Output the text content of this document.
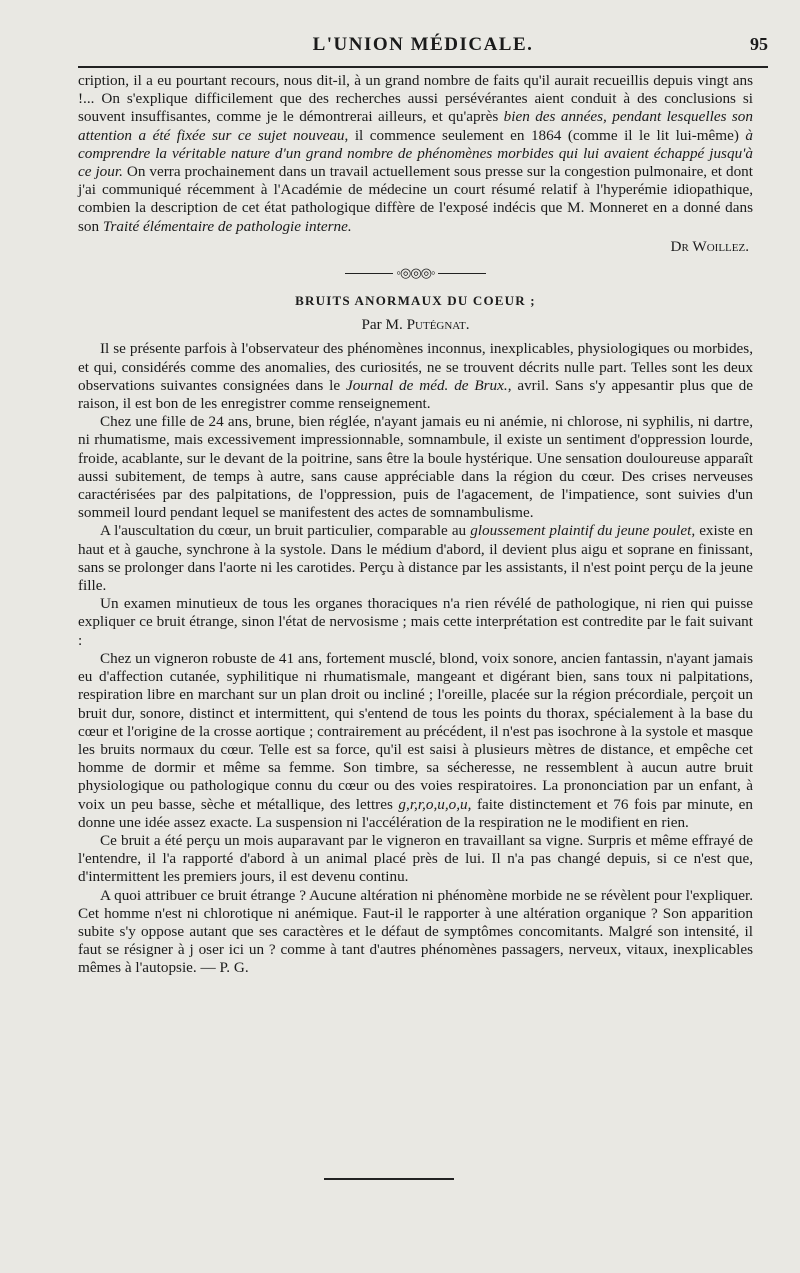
L'UNION MÉDICALE.	95

cription, il a eu pourtant recours, nous dit-il, à un grand nombre de faits qu'il aurait recueillis depuis vingt ans !... On s'explique difficilement que des recherches aussi persévérantes aient conduit à des conclusions si souvent insuffisantes, comme je le démontrerai ailleurs, et qu'après bien des années, pendant lesquelles son attention a été fixée sur ce sujet nouveau, il commence seulement en 1864 (comme il le lit lui-même) à comprendre la véritable nature d'un grand nombre de phénomènes morbides qui lui avaient échappé jusqu'à ce jour. On verra prochainement dans un travail actuellement sous presse sur la congestion pulmonaire, et dont j'ai communiqué récemment à l'Académie de médecine un court résumé relatif à l'hyperémie idiopathique, combien la description de cet état pathologique diffère de l'exposé indécis que M. Monneret en a donné dans son Traité élémentaire de pathologie interne.

Dr Woillez.
◦◎◎◎◦
BRUITS ANORMAUX DU COEUR ;
Par M. Putégnat.

Il se présente parfois à l'observateur des phénomènes inconnus, inexplicables, physiologiques ou morbides, et qui, considérés comme des anomalies, des curiosités, ne se trouvent décrits nulle part. Telles sont les deux observations suivantes consignées dans le Journal de méd. de Brux., avril. Sans s'y appesantir plus que de raison, il est bon de les enregistrer comme renseignement.

Chez une fille de 24 ans, brune, bien réglée, n'ayant jamais eu ni anémie, ni chlorose, ni syphilis, ni dartre, ni rhumatisme, mais excessivement impressionnable, somnambule, il existe un sentiment d'oppression lourde, froide, acablante, sur le devant de la poitrine, sans être la boule hystérique. Une sensation douloureuse apparaît aussi subitement, de temps à autre, sans cause appréciable dans la région du cœur. Des crises nerveuses caractérisées par des palpitations, de l'oppression, puis de l'agacement, de l'impatience, sont suivies d'un sommeil lourd pendant lequel se manifestent des actes de somnambulisme.

A l'auscultation du cœur, un bruit particulier, comparable au gloussement plaintif du jeune poulet, existe en haut et à gauche, synchrone à la systole. Dans le médium d'abord, il devient plus aigu et soprane en finissant, sans se prolonger dans l'aorte ni les carotides. Perçu à distance par les assistants, il n'est point perçu de la jeune fille.

Un examen minutieux de tous les organes thoraciques n'a rien révélé de pathologique, ni rien qui puisse expliquer ce bruit étrange, sinon l'état de nervosisme ; mais cette interprétation est contredite par le fait suivant :

Chez un vigneron robuste de 41 ans, fortement musclé, blond, voix sonore, ancien fantassin, n'ayant jamais eu d'affection cutanée, syphilitique ni rhumatismale, mangeant et digérant bien, sans toux ni palpitations, respiration libre en marchant sur un plan droit ou incliné ; l'oreille, placée sur la région précordiale, perçoit un bruit dur, sonore, distinct et intermittent, qui s'entend de tous les points du thorax, spécialement à la base du cœur et l'origine de la crosse aortique ; contrairement au précédent, il n'est pas isochrone à la systole et masque les bruits normaux du cœur. Telle est sa force, qu'il est saisi à plusieurs mètres de distance, et empêche cet homme de dormir et même sa femme. Son timbre, sa sécheresse, ne ressemblent à aucun autre bruit physiologique ou pathologique connu du cœur ou des voies respiratoires. La prononciation par un enfant, à voix un peu basse, sèche et métallique, des lettres g,r,r,o,u,o,u, faite distinctement et 76 fois par minute, en donne une idée assez exacte. La suspension ni l'accélération de la respiration ne le modifient en rien.

Ce bruit a été perçu un mois auparavant par le vigneron en travaillant sa vigne. Surpris et même effrayé de l'entendre, il l'a rapporté d'abord à un animal placé près de lui. Il n'a pas changé depuis, si ce n'est que, d'intermittent les premiers jours, il est devenu continu.

A quoi attribuer ce bruit étrange ? Aucune altération ni phénomène morbide ne se révèlent pour l'expliquer. Cet homme n'est ni chlorotique ni anémique. Faut-il le rapporter à une altération organique ? Son apparition subite s'y oppose autant que ses caractères et le défaut de symptômes concomitants. Malgré son intensité, il faut se résigner à j oser ici un ? comme à tant d'autres phénomènes passagers, nerveux, vitaux, inexplicables mêmes à l'autopsie. — P. G.
